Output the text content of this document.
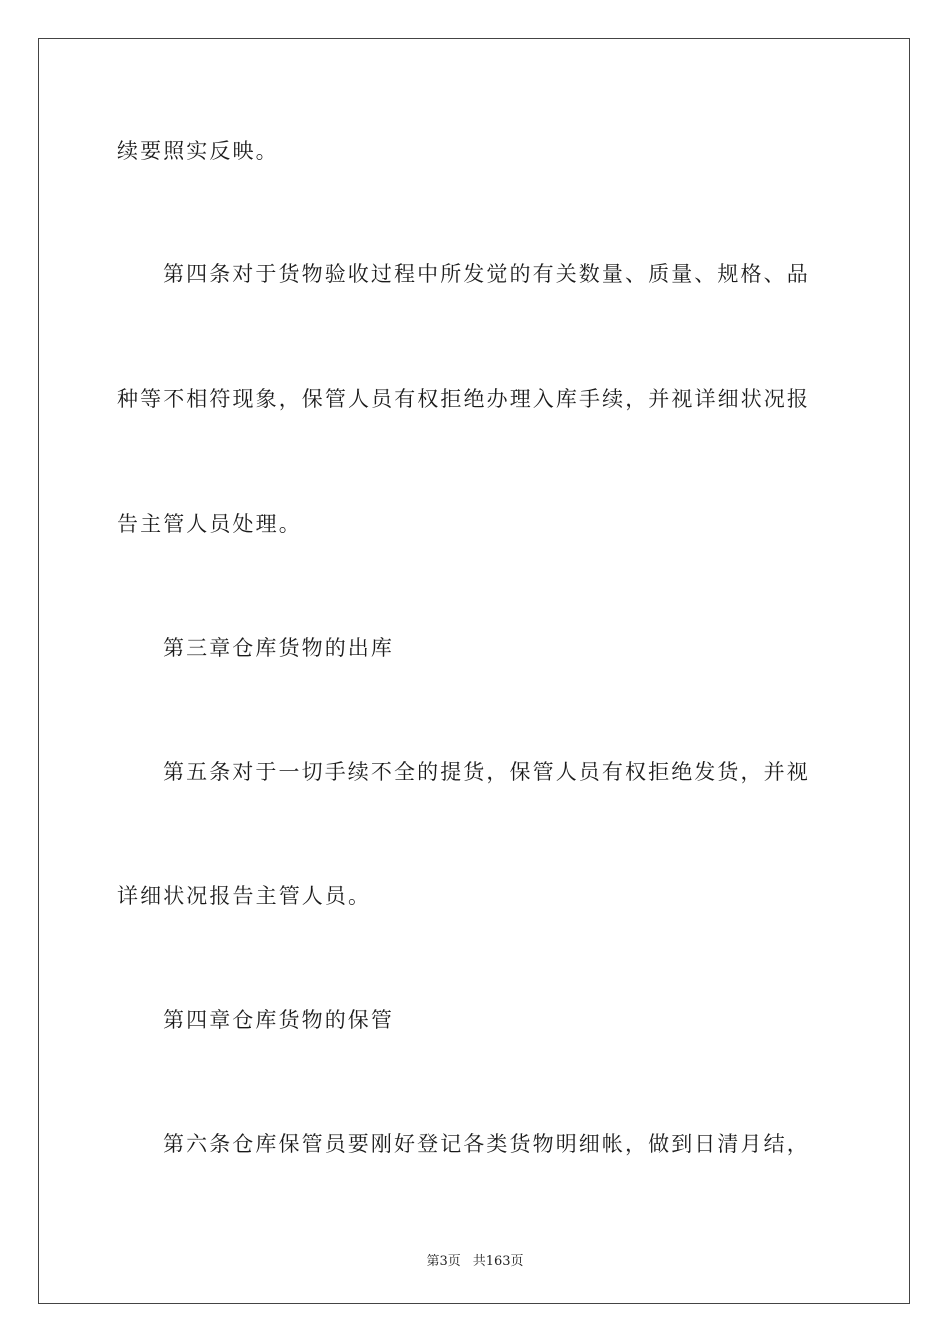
续要照实反映。
第四条对于货物验收过程中所发觉的有关数量、质量、规格、品
种等不相符现象，保管人员有权拒绝办理入库手续，并视详细状况报
告主管人员处理。
第三章仓库货物的出库
第五条对于一切手续不全的提货，保管人员有权拒绝发货，并视
详细状况报告主管人员。
第四章仓库货物的保管
第六条仓库保管员要刚好登记各类货物明细帐，做到日清月结，
第3页 共163页
